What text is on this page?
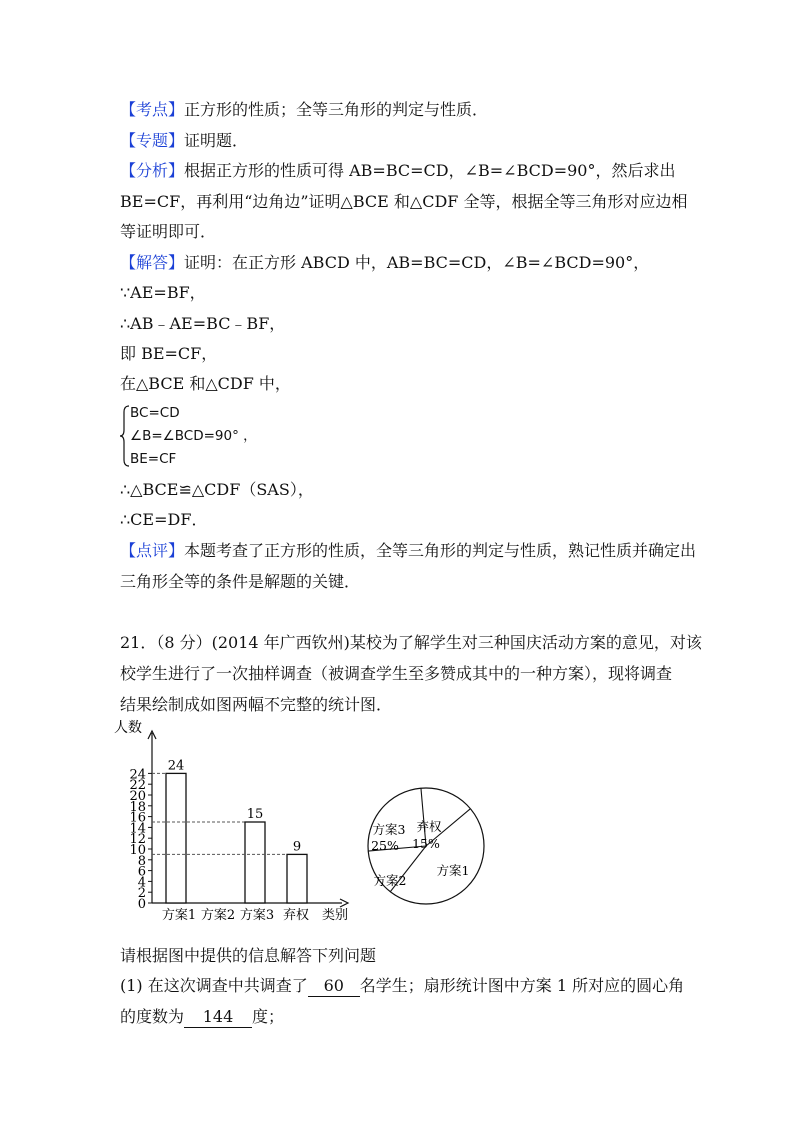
【考点】正方形的性质；全等三角形的判定与性质．
【专题】证明题．
【分析】根据正方形的性质可得 AB=BC=CD，∠B=∠BCD=90°，然后求出
BE=CF，再利用“边角边”证明△BCE 和△CDF 全等，根据全等三角形对应边相
等证明即可．
【解答】证明：在正方形 ABCD 中，AB=BC=CD，∠B=∠BCD=90°，
∵AE=BF，
∴AB﹣AE=BC﹣BF，
即 BE=CF，
在△BCE 和△CDF 中，
BC=CD
∠B=∠BCD=90° ，
BE=CF
∴△BCE≌△CDF（SAS），
∴CE=DF．
【点评】本题考查了正方形的性质，全等三角形的判定与性质，熟记性质并确定出
三角形全等的条件是解题的关键．
21．（8 分）(2014 年广西钦州)某校为了解学生对三种国庆活动方案的意见，对该
校学生进行了一次抽样调查（被调查学生至多赞成其中的一种方案），现将调查
结果绘制成如图两幅不完整的统计图．
人数
类别
0
2
4
6
8
10
12
14
16
18
20
22
24
24
15
9
方案1 方案2 方案3 弃权
方案1
方案2
方案3
25%
弃权
15%
请根据图中提供的信息解答下列问题
(1) 在这次调查中共调查了 60 名学生；扇形统计图中方案 1 所对应的圆心角
的度数为 144 度；
